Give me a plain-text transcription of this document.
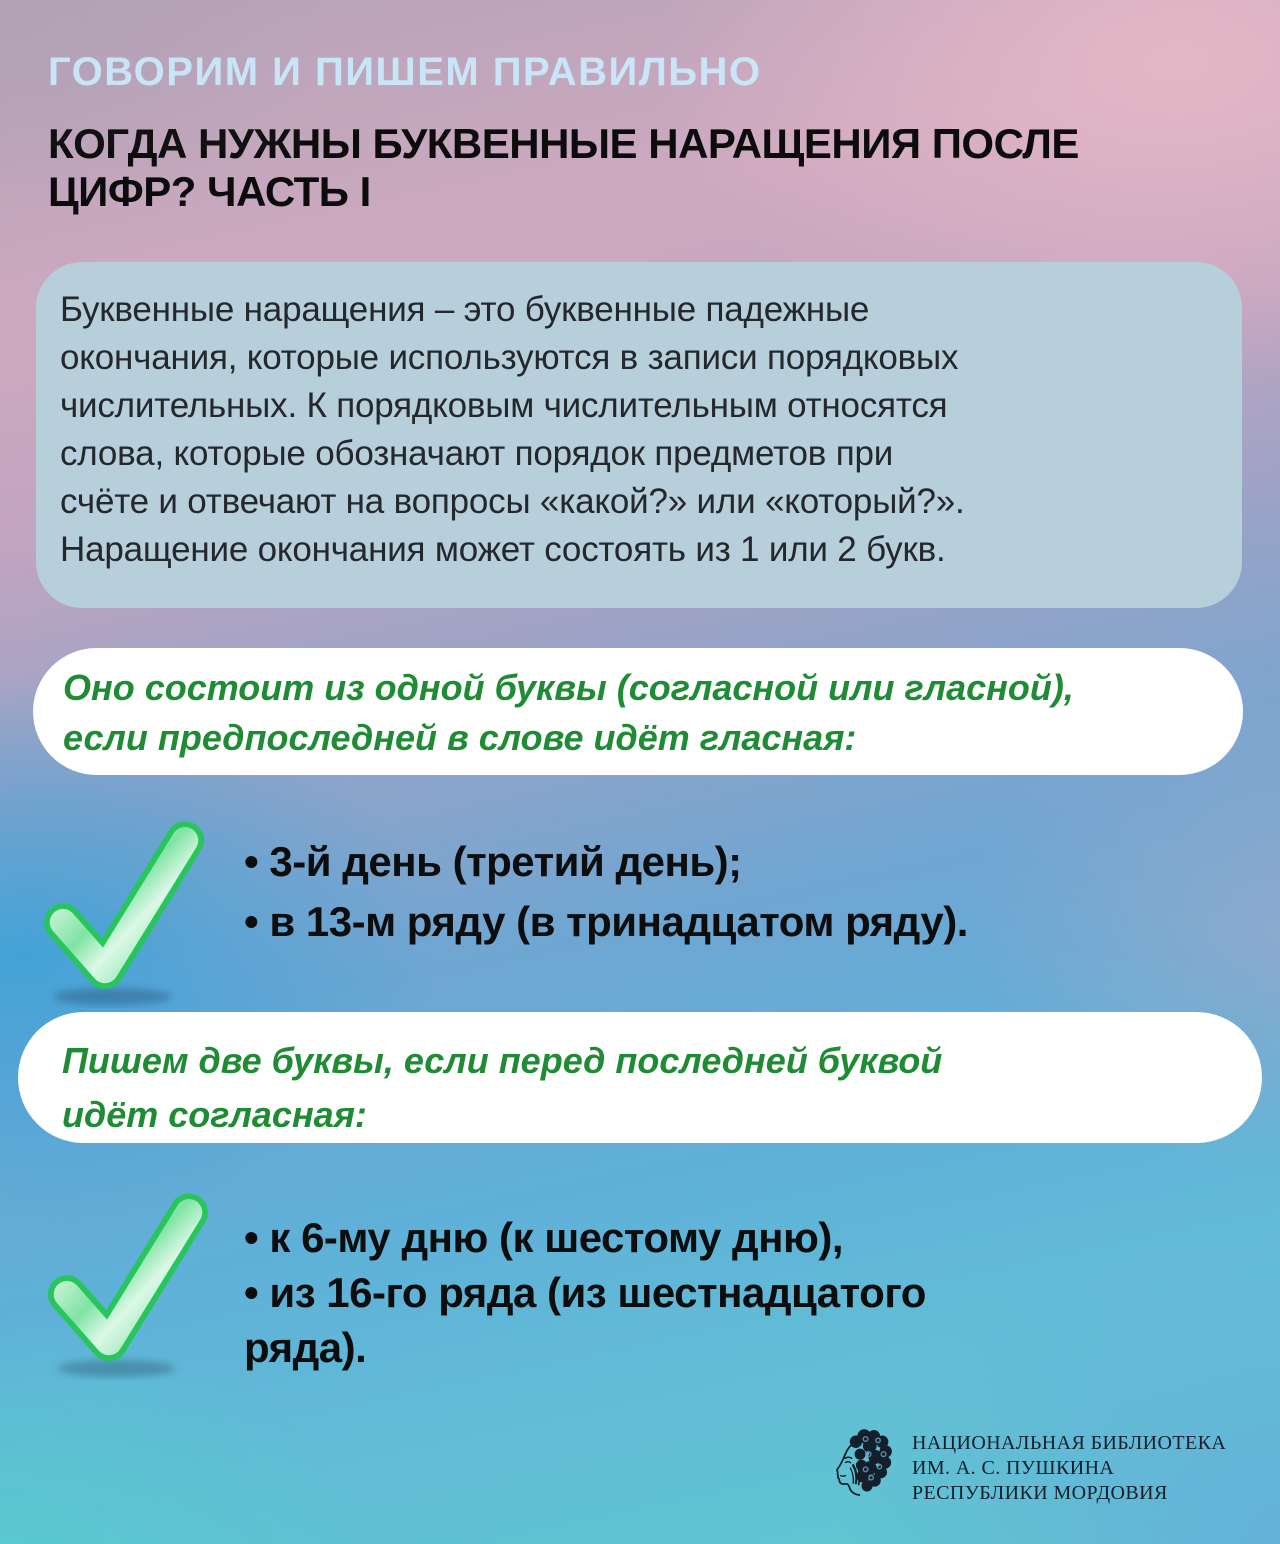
ГОВОРИМ И ПИШЕМ ПРАВИЛЬНО
КОГДА НУЖНЫ БУКВЕННЫЕ НАРАЩЕНИЯ ПОСЛЕ
ЦИФР? ЧАСТЬ I
Буквенные наращения – это буквенные падежные
окончания, которые используются в записи порядковых
числительных. К порядковым числительным относятся
слова, которые обозначают порядок предметов при
счёте и отвечают на вопросы «какой?» или «который?».
Наращение окончания может состоять из 1 или 2 букв.
Оно состоит из одной буквы (согласной или гласной),
если предпоследней в слове идёт гласная:
• 3-й день (третий день);
• в 13-м ряду (в тринадцатом ряду).
Пишем две буквы, если перед последней буквой
идёт согласная:
• к 6-му дню (к шестому дню),
• из 16-го ряда (из шестнадцатого
ряда).
НАЦИОНАЛЬНАЯ БИБЛИОТЕКА
ИМ. А. С. ПУШКИНА
РЕСПУБЛИКИ МОРДОВИЯ
